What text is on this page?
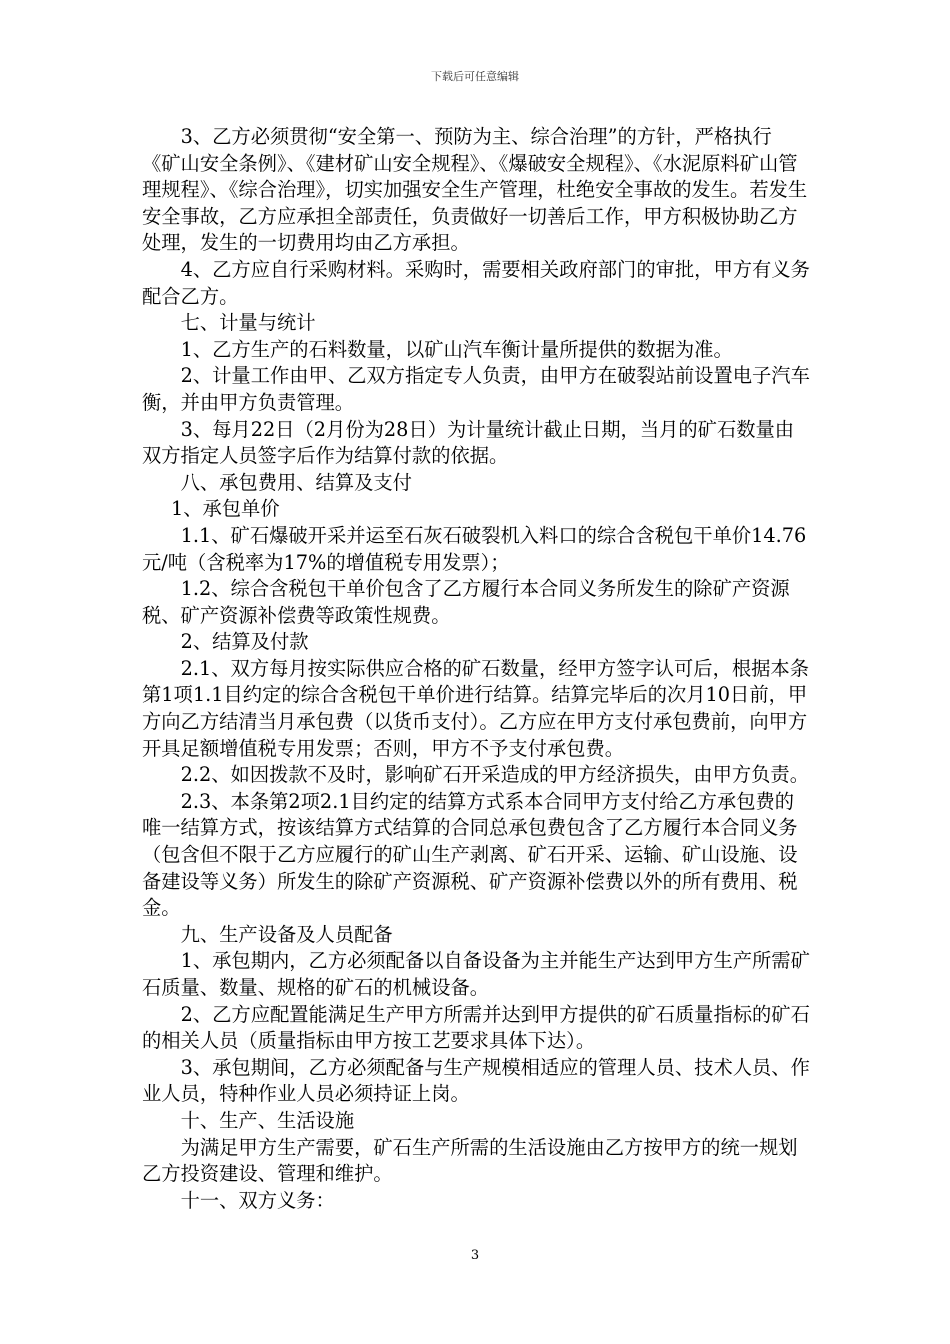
下载后可任意编辑

3、乙方必须贯彻“安全第一、预防为主、综合治理”的方针，严格执行《矿山安全条例》、《建材矿山安全规程》、《爆破安全规程》、《水泥原料矿山管理规程》、《综合治理》，切实加强安全生产管理，杜绝安全事故的发生。若发生安全事故，乙方应承担全部责任，负责做好一切善后工作，甲方积极协助乙方处理，发生的一切费用均由乙方承担。

4、乙方应自行采购材料。采购时，需要相关政府部门的审批，甲方有义务配合乙方。

七、计量与统计

1、乙方生产的石料数量，以矿山汽车衡计量所提供的数据为准。

2、计量工作由甲、乙双方指定专人负责，由甲方在破裂站前设置电子汽车衡，并由甲方负责管理。

3、每月22日（2月份为28日）为计量统计截止日期，当月的矿石数量由双方指定人员签字后作为结算付款的依据。

八、承包费用、结算及支付

1、承包单价

1.1、矿石爆破开采并运至石灰石破裂机入料口的综合含税包干单价14.76元/吨（含税率为17%的增值税专用发票）；

1.2、综合含税包干单价包含了乙方履行本合同义务所发生的除矿产资源税、矿产资源补偿费等政策性规费。

2、结算及付款

2.1、双方每月按实际供应合格的矿石数量，经甲方签字认可后，根据本条第1项1.1目约定的综合含税包干单价进行结算。结算完毕后的次月10日前，甲方向乙方结清当月承包费（以货币支付）。乙方应在甲方支付承包费前，向甲方开具足额增值税专用发票；否则，甲方不予支付承包费。

2.2、如因拨款不及时，影响矿石开采造成的甲方经济损失，由甲方负责。

2.3、本条第2项2.1目约定的结算方式系本合同甲方支付给乙方承包费的唯一结算方式，按该结算方式结算的合同总承包费包含了乙方履行本合同义务（包含但不限于乙方应履行的矿山生产剥离、矿石开采、运输、矿山设施、设备建设等义务）所发生的除矿产资源税、矿产资源补偿费以外的所有费用、税金。

九、生产设备及人员配备

1、承包期内，乙方必须配备以自备设备为主并能生产达到甲方生产所需矿石质量、数量、规格的矿石的机械设备。

2、乙方应配置能满足生产甲方所需并达到甲方提供的矿石质量指标的矿石的相关人员（质量指标由甲方按工艺要求具体下达）。

3、承包期间，乙方必须配备与生产规模相适应的管理人员、技术人员、作业人员，特种作业人员必须持证上岗。

十、生产、生活设施

为满足甲方生产需要，矿石生产所需的生活设施由乙方按甲方的统一规划乙方投资建设、管理和维护。

十一、双方义务：

3
